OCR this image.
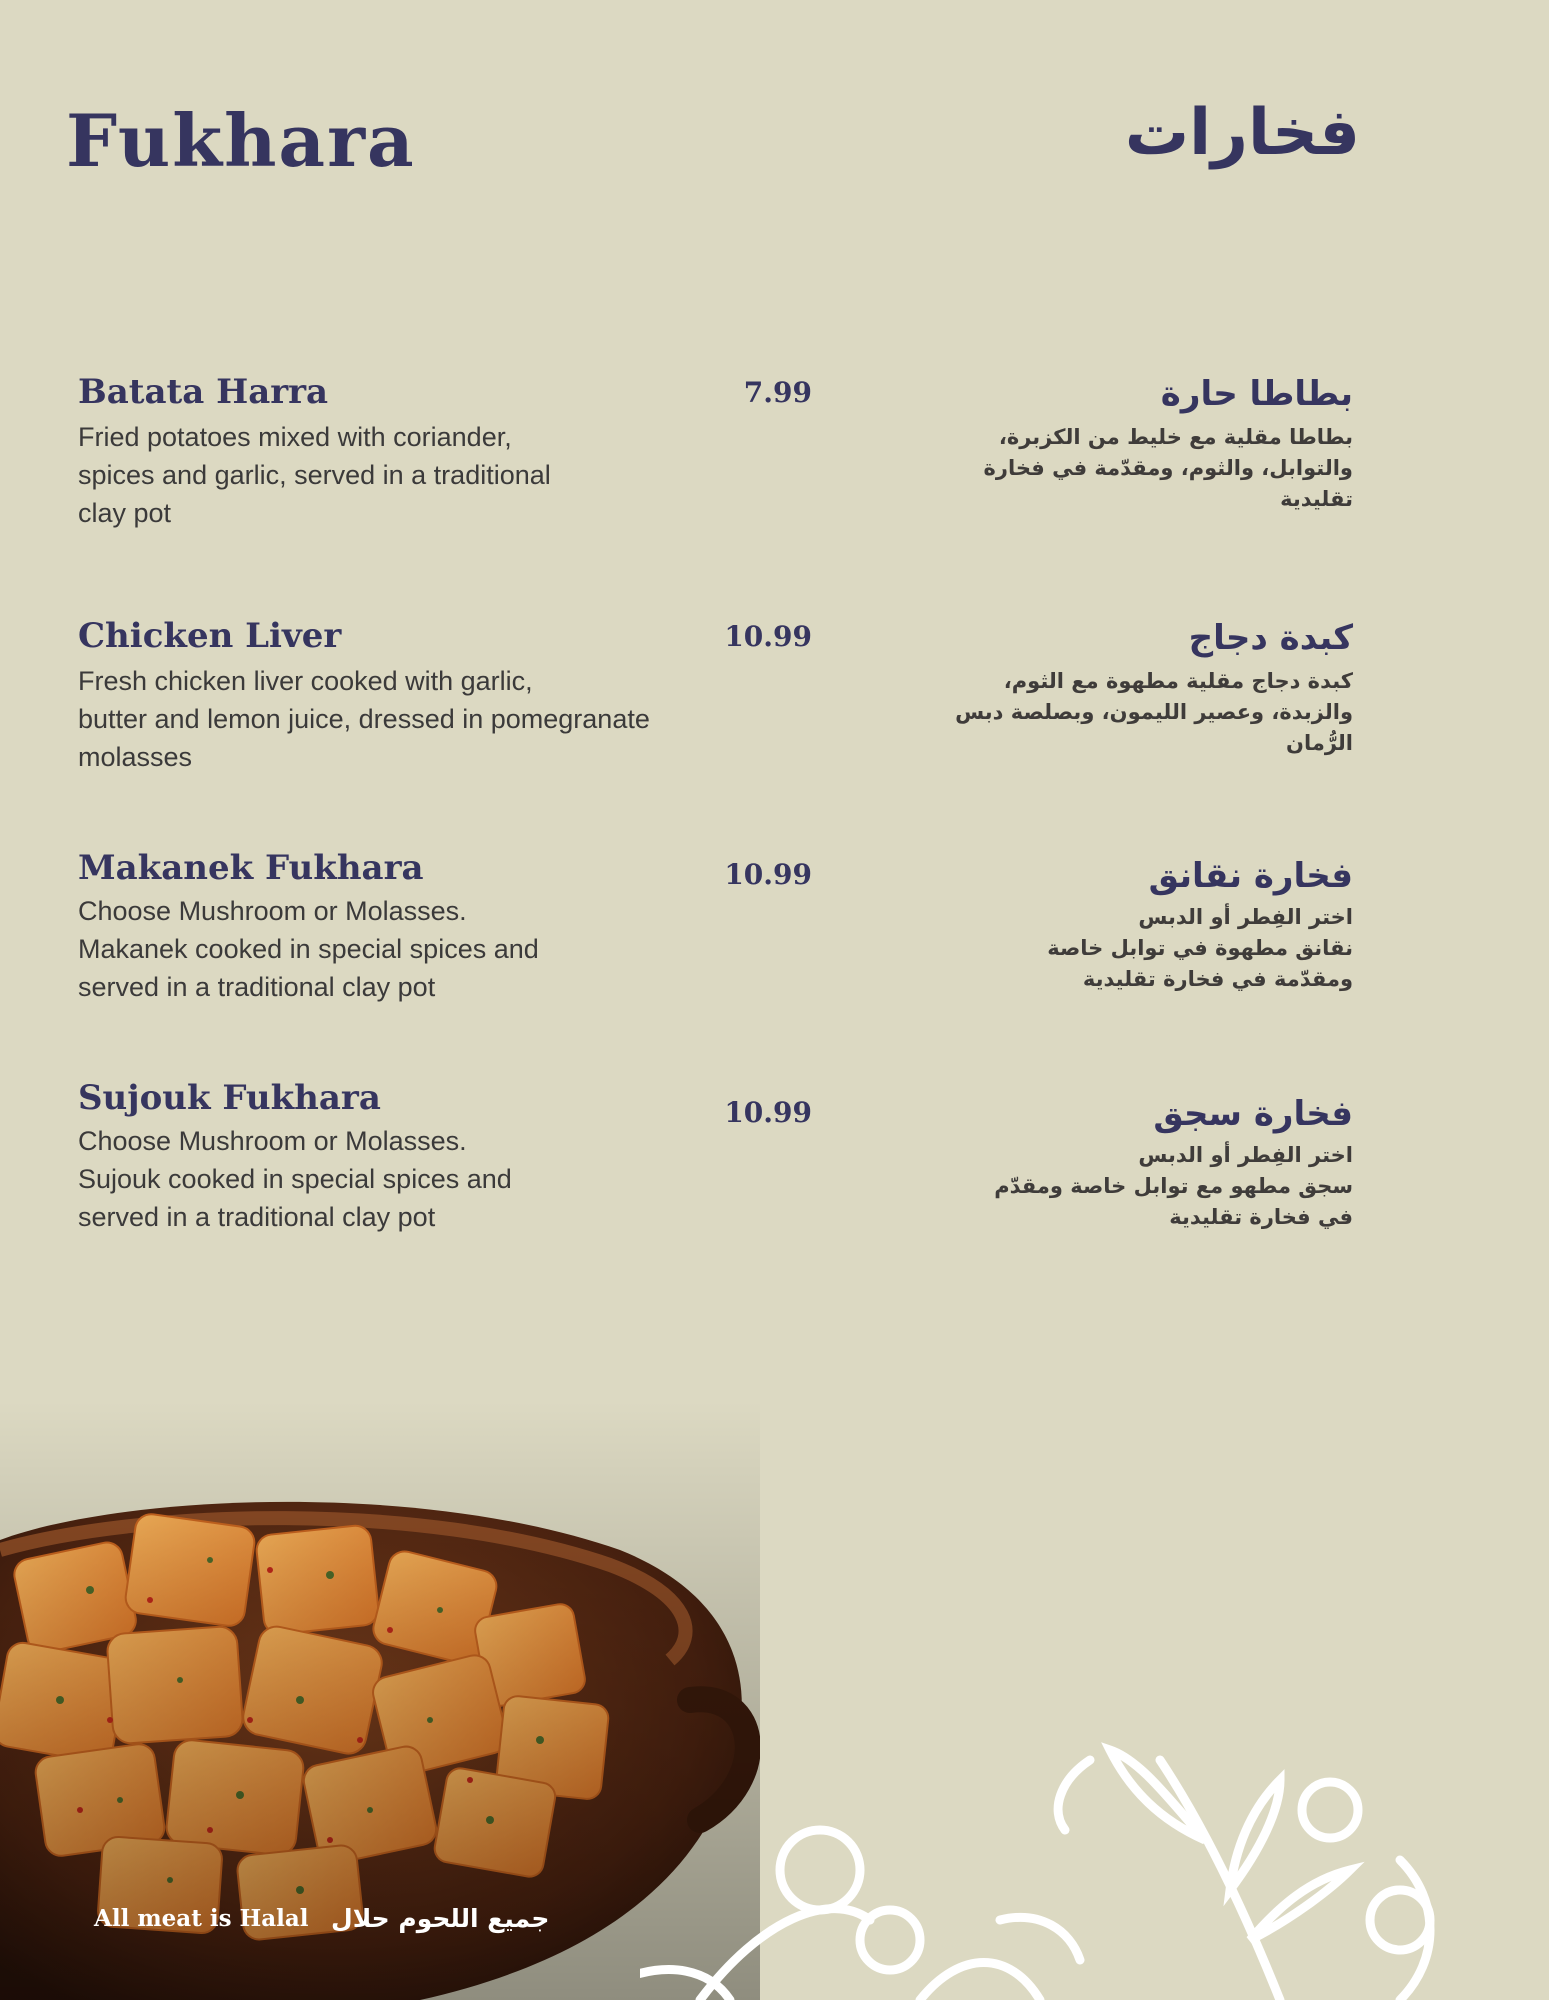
Fukhara	فخارات
Batata Harra
Fried potatoes mixed with coriander,
spices and garlic, served in a traditional
clay pot
7.99	بطاطا حارة
بطاطا مقلية مع خليط من الكزبرة،
والتوابل، والثوم، ومقدّمة في فخارة
تقليدية
Chicken Liver
Fresh chicken liver cooked with garlic,
butter and lemon juice, dressed in pomegranate
molasses
10.99	كبدة دجاج
كبدة دجاج مقلية مطهوة مع الثوم،
والزبدة، وعصير الليمون، وبصلصة دبس
الرُّمان
Makanek Fukhara
Choose Mushroom or Molasses.
Makanek cooked in special spices and
served in a traditional clay pot
10.99	فخارة نقانق
اختر الفِطر أو الدبس
نقانق مطهوة في توابل خاصة
ومقدّمة في فخارة تقليدية
Sujouk Fukhara
Choose Mushroom or Molasses.
Sujouk cooked in special spices and
served in a traditional clay pot
10.99	فخارة سجق
اختر الفِطر أو الدبس
سجق مطهو مع توابل خاصة ومقدّم
في فخارة تقليدية
All meat is Halal جميع اللحوم حلال
